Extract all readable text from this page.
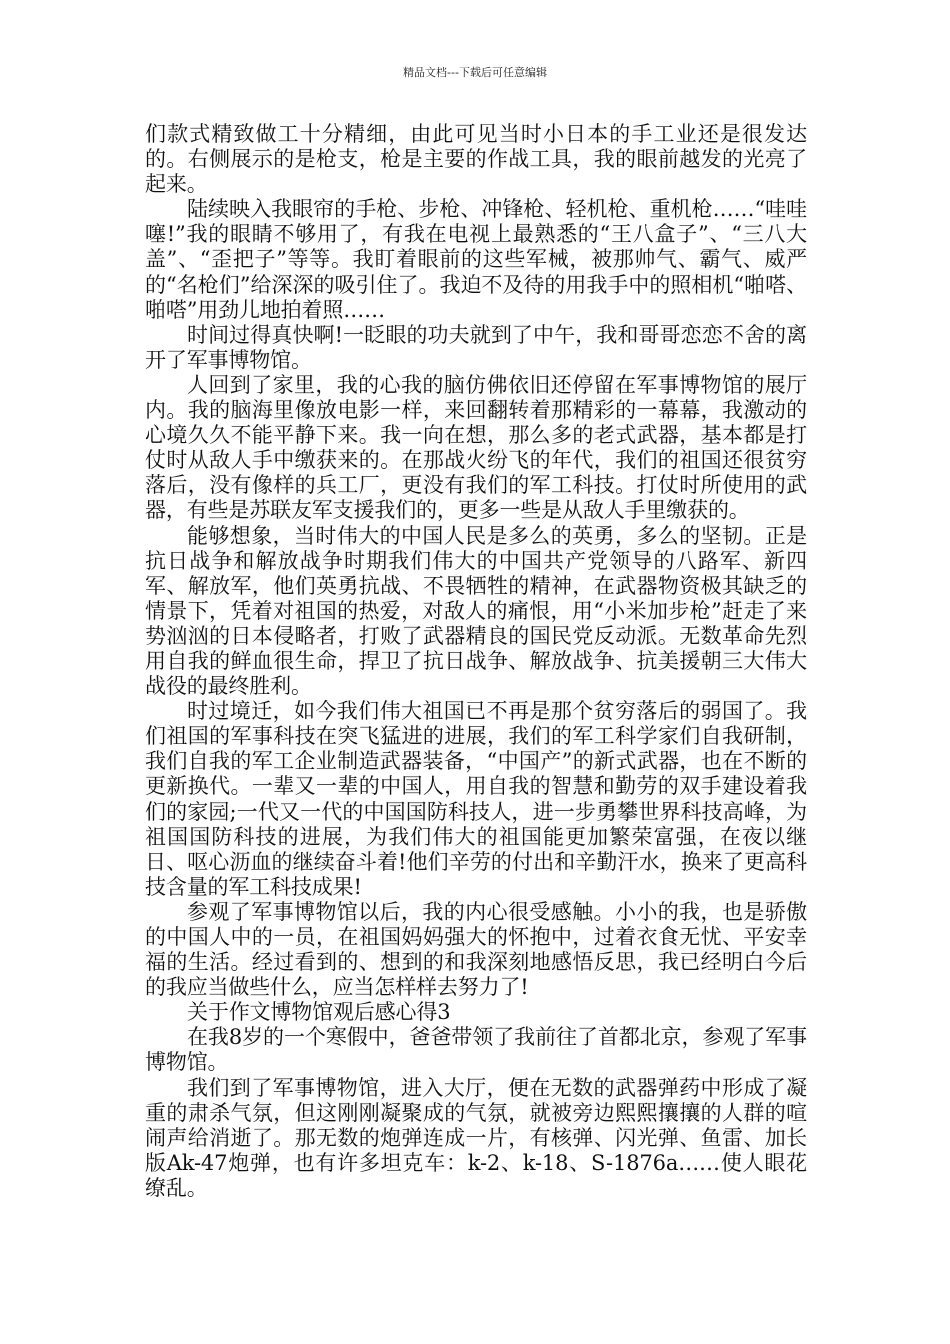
精品文档---下载后可任意编辑

们款式精致做工十分精细，由此可见当时小日本的手工业还是很发达的。右侧展示的是枪支，枪是主要的作战工具，我的眼前越发的光亮了起来。

陆续映入我眼帘的手枪、步枪、冲锋枪、轻机枪、重机枪……“哇哇噻!”我的眼睛不够用了，有我在电视上最熟悉的“王八盒子”、“三八大盖”、“歪把子”等等。我盯着眼前的这些军械，被那帅气、霸气、威严的“名枪们”给深深的吸引住了。我迫不及待的用我手中的照相机“啪嗒、啪嗒”用劲儿地拍着照……

时间过得真快啊!一眨眼的功夫就到了中午，我和哥哥恋恋不舍的离开了军事博物馆。

人回到了家里，我的心我的脑仿佛依旧还停留在军事博物馆的展厅内。我的脑海里像放电影一样，来回翻转着那精彩的一幕幕，我激动的心境久久不能平静下来。我一向在想，那么多的老式武器，基本都是打仗时从敌人手中缴获来的。在那战火纷飞的年代，我们的祖国还很贫穷落后，没有像样的兵工厂，更没有我们的军工科技。打仗时所使用的武器，有些是苏联友军支援我们的，更多一些是从敌人手里缴获的。

能够想象，当时伟大的中国人民是多么的英勇，多么的坚韧。正是抗日战争和解放战争时期我们伟大的中国共产党领导的八路军、新四军、解放军，他们英勇抗战、不畏牺牲的精神，在武器物资极其缺乏的情景下，凭着对祖国的热爱，对敌人的痛恨，用“小米加步枪”赶走了来势汹汹的日本侵略者，打败了武器精良的国民党反动派。无数革命先烈用自我的鲜血很生命，捍卫了抗日战争、解放战争、抗美援朝三大伟大战役的最终胜利。

时过境迁，如今我们伟大祖国已不再是那个贫穷落后的弱国了。我们祖国的军事科技在突飞猛进的进展，我们的军工科学家们自我研制，我们自我的军工企业制造武器装备，“中国产”的新式武器，也在不断的更新换代。一辈又一辈的中国人，用自我的智慧和勤劳的双手建设着我们的家园;一代又一代的中国国防科技人，进一步勇攀世界科技高峰，为祖国国防科技的进展，为我们伟大的祖国能更加繁荣富强，在夜以继日、呕心沥血的继续奋斗着!他们辛劳的付出和辛勤汗水，换来了更高科技含量的军工科技成果!

参观了军事博物馆以后，我的内心很受感触。小小的我，也是骄傲的中国人中的一员，在祖国妈妈强大的怀抱中，过着衣食无忧、平安幸福的生活。经过看到的、想到的和我深刻地感悟反思，我已经明白今后的我应当做些什么，应当怎样样去努力了!

关于作文博物馆观后感心得3

在我8岁的一个寒假中，爸爸带领了我前往了首都北京，参观了军事博物馆。

我们到了军事博物馆，进入大厅，便在无数的武器弹药中形成了凝重的肃杀气氛，但这刚刚凝聚成的气氛，就被旁边熙熙攘攘的人群的喧闹声给消逝了。那无数的炮弹连成一片，有核弹、闪光弹、鱼雷、加长版Ak-47炮弹，也有许多坦克车：k-2、k-18、S-1876a……使人眼花缭乱。
